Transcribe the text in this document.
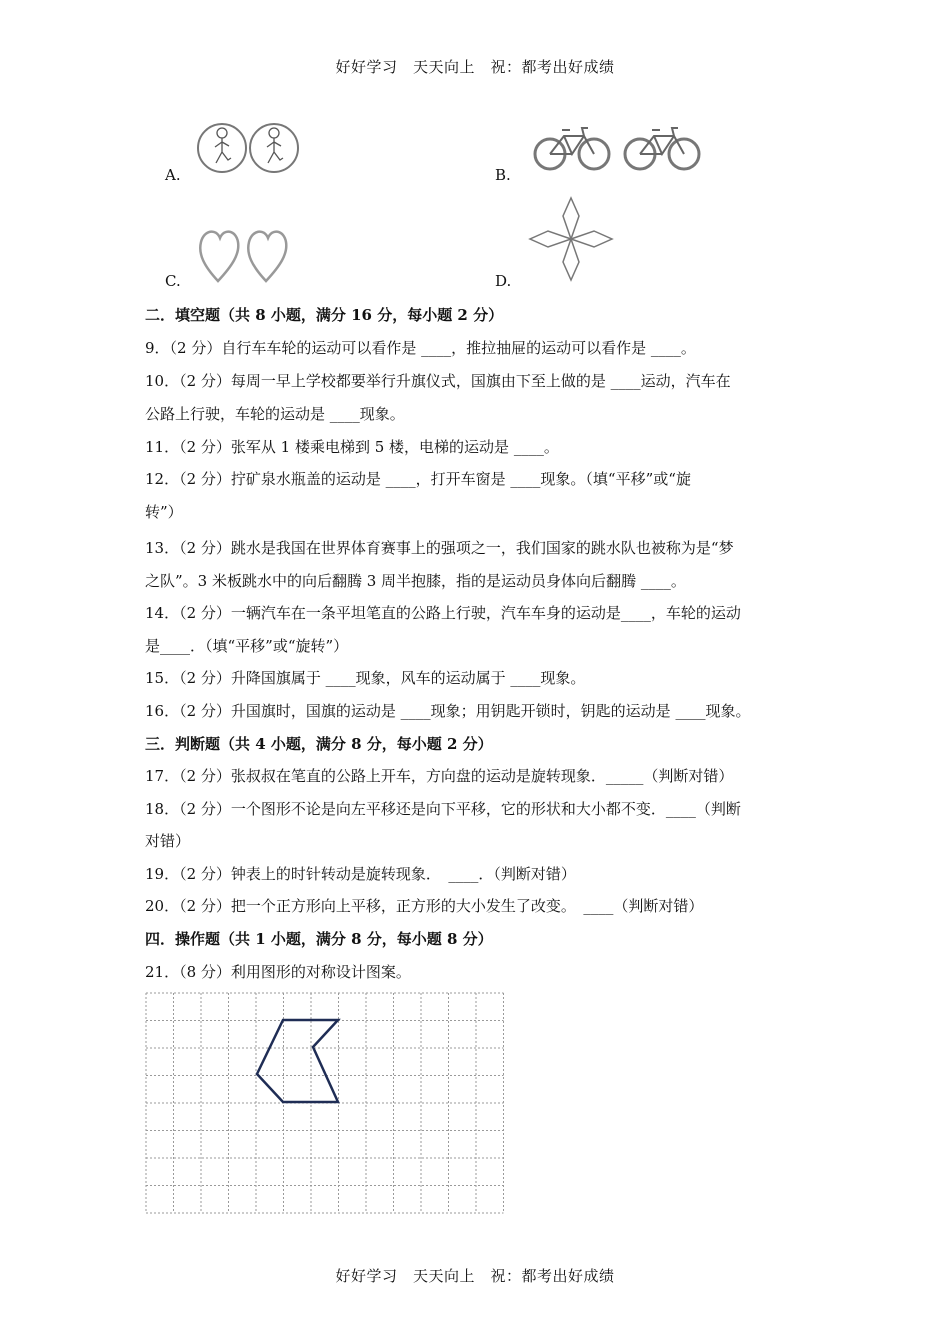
好好学习　天天向上　祝：都考出好成绩
A.	B.
C.	D.
二．填空题（共 8 小题，满分 16 分，每小题 2 分）
9．（2 分）自行车车轮的运动可以看作是 ____，推拉抽屉的运动可以看作是 ____。
10．（2 分）每周一早上学校都要举行升旗仪式，国旗由下至上做的是 ____运动，汽车在
公路上行驶，车轮的运动是 ____现象。
11．（2 分）张军从 1 楼乘电梯到 5 楼，电梯的运动是 ____。
12．（2 分）拧矿泉水瓶盖的运动是 ____，打开车窗是 ____现象。（填“平移”或“旋
转”）
13．（2 分）跳水是我国在世界体育赛事上的强项之一，我们国家的跳水队也被称为是“梦
之队”。3 米板跳水中的向后翻腾 3 周半抱膝，指的是运动员身体向后翻腾 ____。
14．（2 分）一辆汽车在一条平坦笔直的公路上行驶，汽车车身的运动是____，车轮的运动
是____．（填“平移”或“旋转”）
15．（2 分）升降国旗属于 ____现象，风车的运动属于 ____现象。
16．（2 分）升国旗时，国旗的运动是 ____现象；用钥匙开锁时，钥匙的运动是 ____现象。
三．判断题（共 4 小题，满分 8 分，每小题 2 分）
17．（2 分）张叔叔在笔直的公路上开车，方向盘的运动是旋转现象．_____（判断对错）
18．（2 分）一个图形不论是向左平移还是向下平移，它的形状和大小都不变．____（判断
对错）
19．（2 分）钟表上的时针转动是旋转现象．　____．（判断对错）
20．（2 分）把一个正方形向上平移，正方形的大小发生了改变。　____（判断对错）
四．操作题（共 1 小题，满分 8 分，每小题 8 分）
21．（8 分）利用图形的对称设计图案。
好好学习　天天向上　祝：都考出好成绩
